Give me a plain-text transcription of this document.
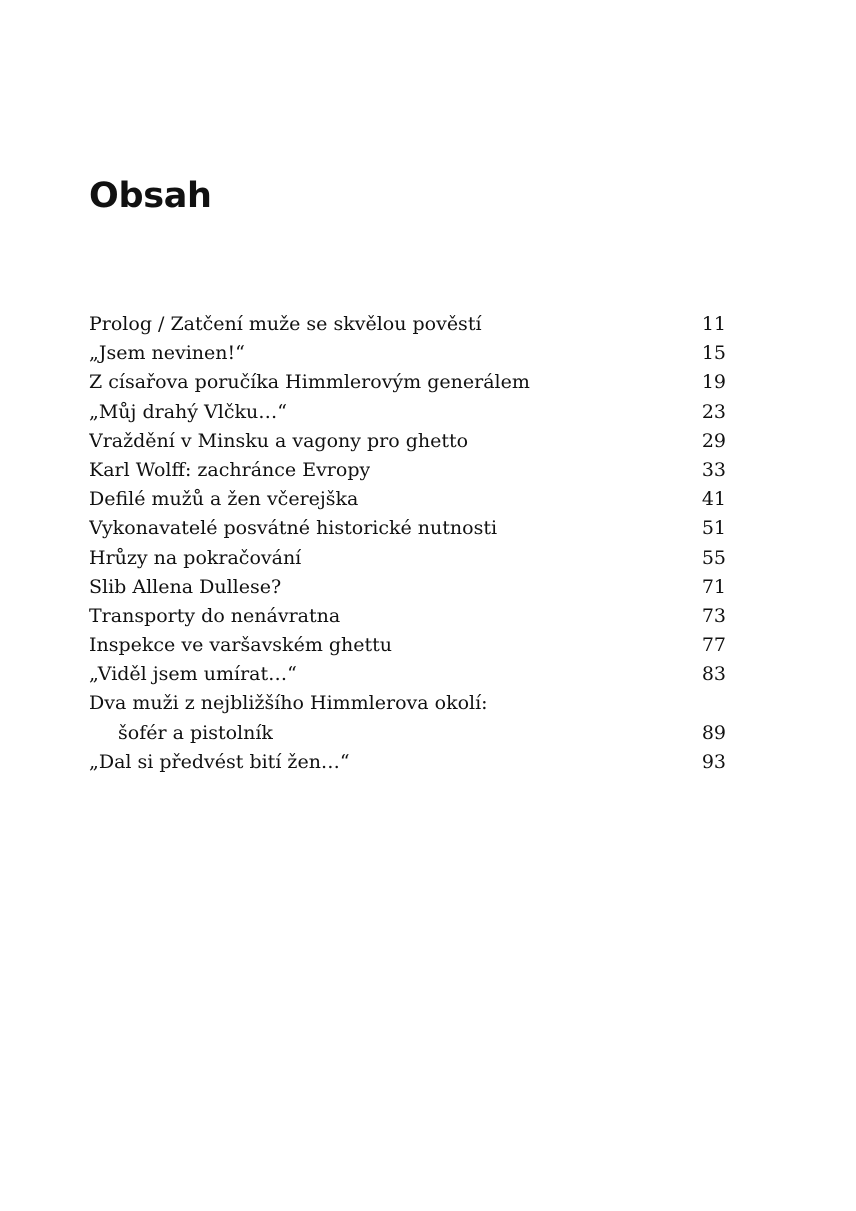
Obsah
Prolog / Zatčení muže se skvělou pověstí	11
„Jsem nevinen!“	15
Z císařova poručíka Himmlerovým generálem	19
„Můj drahý Vlčku…“	23
Vraždění v Minsku a vagony pro ghetto	29
Karl Wolff: zachránce Evropy	33
Defilé mužů a žen včerejška	41
Vykonavatelé posvátné historické nutnosti	51
Hrůzy na pokračování	55
Slib Allena Dullese?	71
Transporty do nenávratna	73
Inspekce ve varšavském ghettu	77
„Viděl jsem umírat…“	83
Dva muži z nejbližšího Himmlerova okolí:
šofér a pistolník	89
„Dal si předvést bití žen…“	93
